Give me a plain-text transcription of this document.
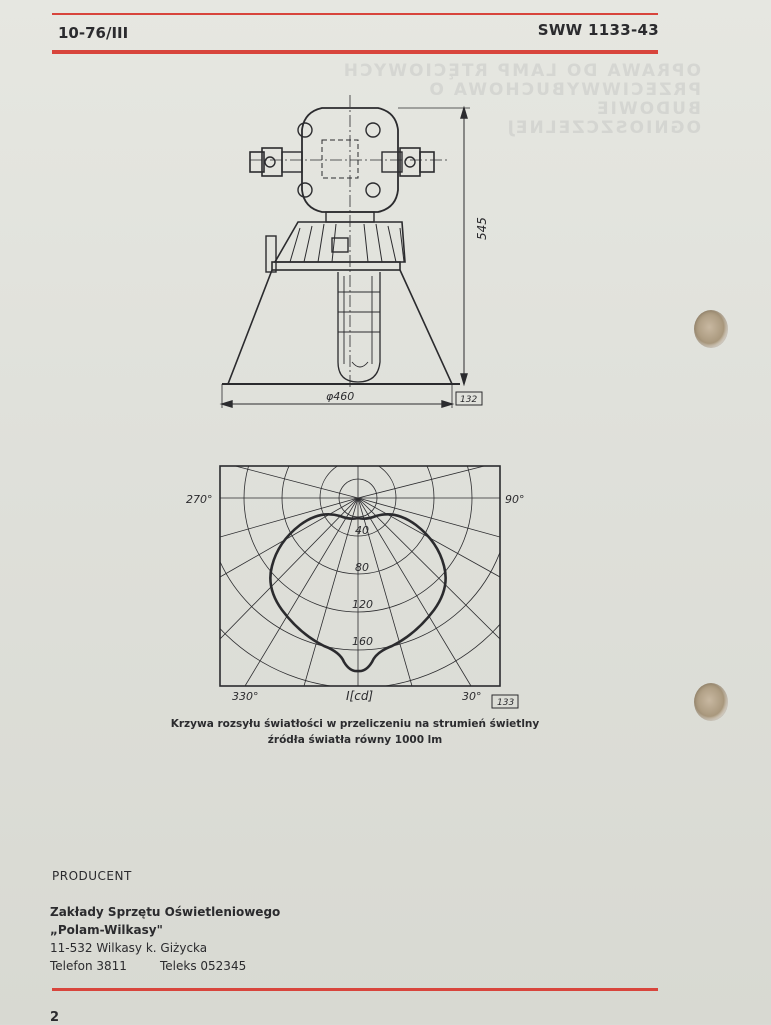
OPRAWA DO LAMP RTĘCIOWYCH
PRZECIWWYBUCHOWA O BUDOWIE
OGNIOSZCZELNEJ
10-76/III	SWW 1133-43
545
φ460	132
270°	90°
40
80
120
160
330°	I[cd]	30° 133
Krzywa rozsyłu światłości w przeliczeniu na strumień świetlny
źródła światła równy 1000 lm
PRODUCENT
Zakłady Sprzętu Oświetleniowego
„Polam-Wilkasy"
11-532 Wilkasy k. Giżycka
Telefon 3811	Teleks 052345
2
